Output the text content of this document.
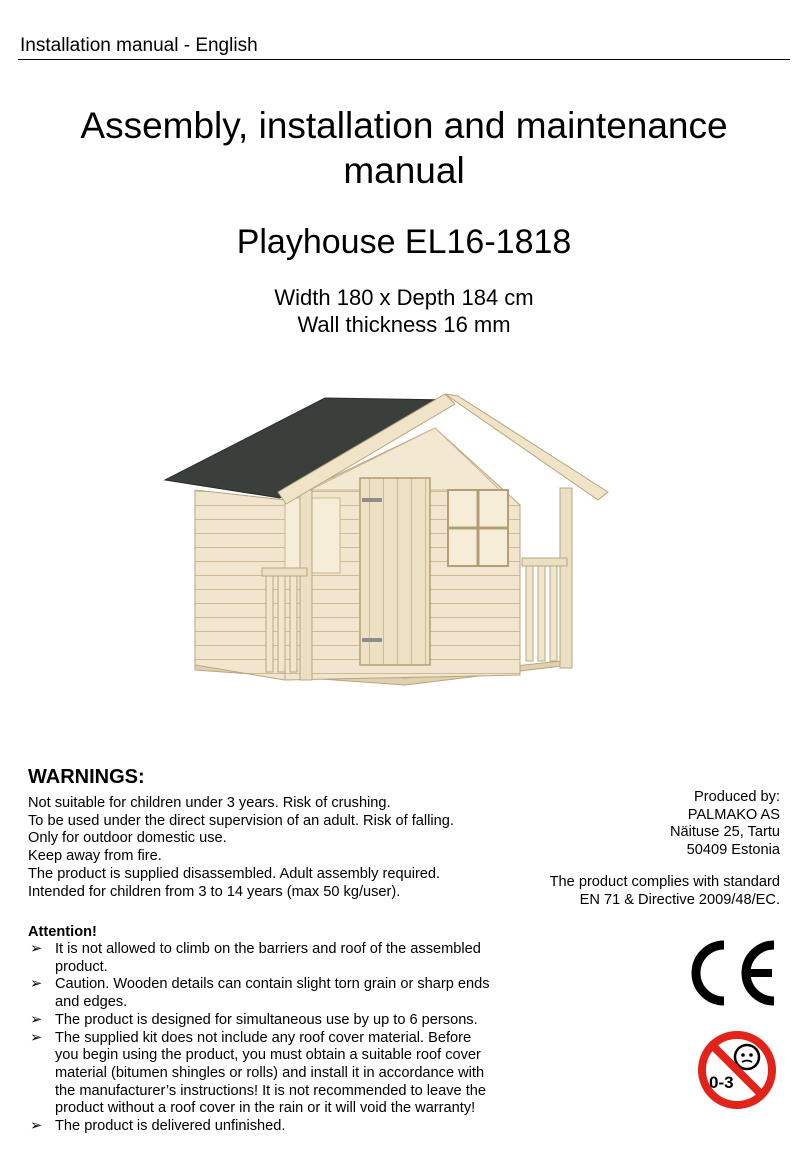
Installation manual - English
Assembly, installation and maintenance
manual
Playhouse EL16-1818
Width 180 x Depth 184 cm
Wall thickness 16 mm
WARNINGS:
Not suitable for children under 3 years. Risk of crushing.
To be used under the direct supervision of an adult. Risk of falling.
Only for outdoor domestic use.
Keep away from fire.
The product is supplied disassembled. Adult assembly required.
Intended for children from 3 to 14 years (max 50 kg/user).
Produced by:
PALMAKO AS
Näituse 25, Tartu
50409 Estonia
The product complies with standard
EN 71 & Directive 2009/48/EC.
Attention!
➢ It is not allowed to climb on the barriers and roof of the assembled product.
➢ Caution. Wooden details can contain slight torn grain or sharp ends and edges.
➢ The product is designed for simultaneous use by up to 6 persons.
➢ The supplied kit does not include any roof cover material. Before you begin using the product, you must obtain a suitable roof cover material (bitumen shingles or rolls) and install it in accordance with the manufacturer’s instructions! It is not recommended to leave the product without a roof cover in the rain or it will void the warranty!
➢ The product is delivered unfinished.
0-3
